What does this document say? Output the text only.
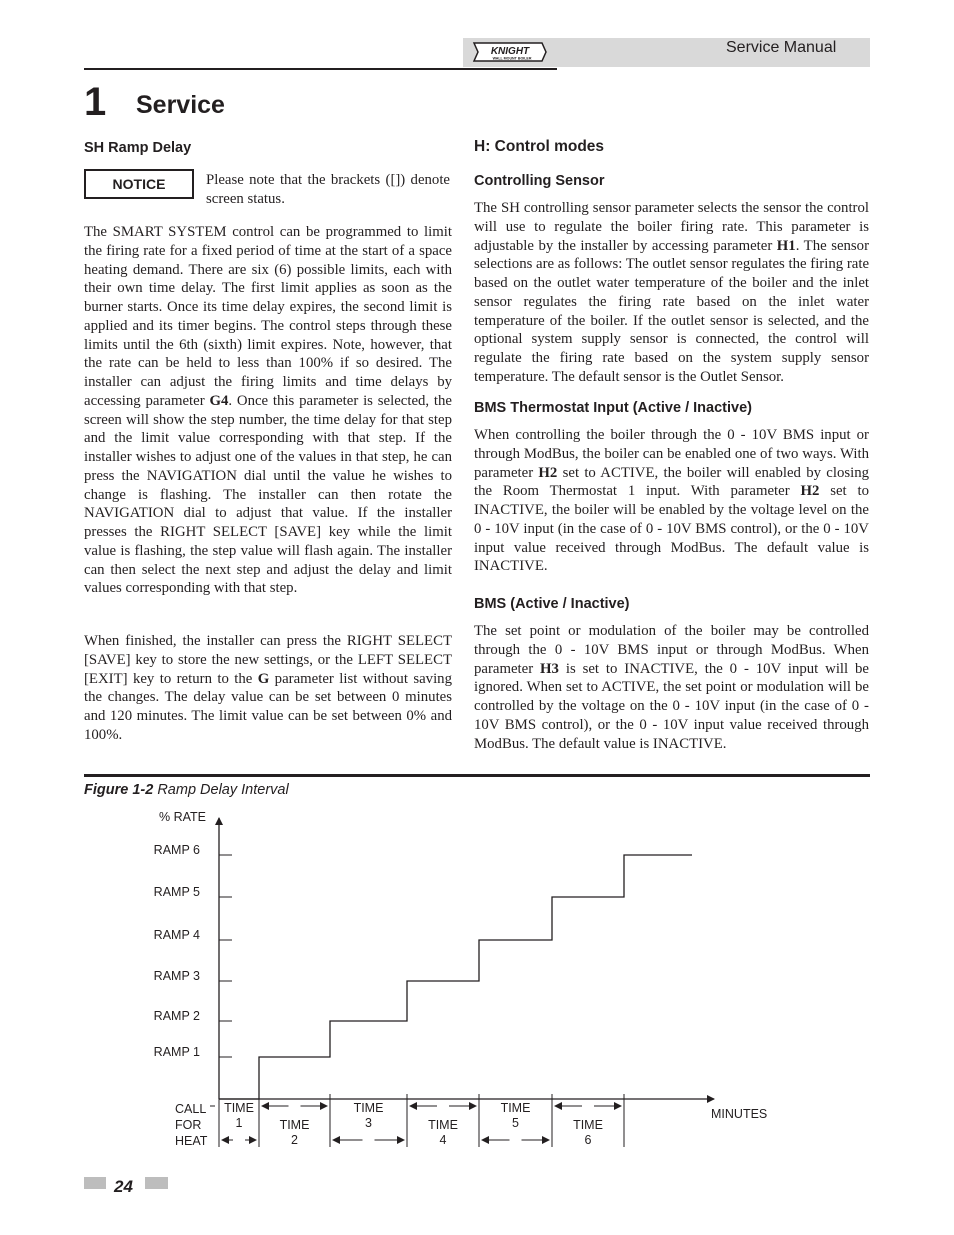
KNIGHT
WALL MOUNT BOILER
Service Manual
1 Service
SH Ramp Delay
NOTICE	Please note that the brackets ([]) denote screen status.
The SMART SYSTEM control can be programmed to limit the firing rate for a fixed period of time at the start of a space heating demand. There are six (6) possible limits, each with their own time delay. The first limit applies as soon as the burner starts. Once its time delay expires, the second limit is applied and its timer begins. The control steps through these limits until the 6th (sixth) limit expires. Note, however, that the rate can be held to less than 100% if so desired. The installer can adjust the firing limits and time delays by accessing parameter G4. Once this parameter is selected, the screen will show the step number, the time delay for that step and the limit value corresponding with that step. If the installer wishes to adjust one of the values in that step, he can press the NAVIGATION dial until the value he wishes to change is flashing. The installer can then rotate the NAVIGATION dial to adjust that value. If the installer presses the RIGHT SELECT [SAVE] key while the limit value is flashing, the step value will flash again. The installer can then select the next step and adjust the delay and limit values corresponding with that step.
When finished, the installer can press the RIGHT SELECT [SAVE] key to store the new settings, or the LEFT SELECT [EXIT] key to return to the G parameter list without saving the changes. The delay value can be set between 0 minutes and 120 minutes. The limit value can be set between 0% and 100%.
H: Control modes
Controlling Sensor
The SH controlling sensor parameter selects the sensor the control will use to regulate the boiler firing rate. This parameter is adjustable by the installer by accessing parameter H1. The sensor selections are as follows: The outlet sensor regulates the firing rate based on the outlet water temperature of the boiler and the inlet sensor regulates the firing rate based on the inlet water temperature of the boiler. If the outlet sensor is selected, and the optional system supply sensor is connected, the control will regulate the firing rate based on the system supply sensor temperature. The default sensor is the Outlet Sensor.
BMS Thermostat Input (Active / Inactive)
When controlling the boiler through the 0 - 10V BMS input or through ModBus, the boiler can be enabled one of two ways. With parameter H2 set to ACTIVE, the boiler will enabled by closing the Room Thermostat 1 input. With parameter H2 set to INACTIVE, the boiler will be enabled by the voltage level on the 0 - 10V input (in the case of 0 - 10V BMS control), or the 0 - 10V input value received through ModBus. The default value is INACTIVE.
BMS (Active / Inactive)
The set point or modulation of the boiler may be controlled through the 0 - 10V BMS input or through ModBus. When parameter H3 is set to INACTIVE, the 0 - 10V input will be ignored. When set to ACTIVE, the set point or modulation will be controlled by the voltage on the 0 - 10V input (in the case of 0 - 10V BMS control), or the 0 - 10V input value received through ModBus. The default value is INACTIVE.
Figure 1-2 Ramp Delay Interval
% RATE
MINUTES
RAMP 1
RAMP 2
RAMP 3
RAMP 4
RAMP 5
RAMP 6
CALL
FOR
HEAT
TIME
1	TIME
2
TIME
3	TIME
4
TIME
5	TIME
6
24
